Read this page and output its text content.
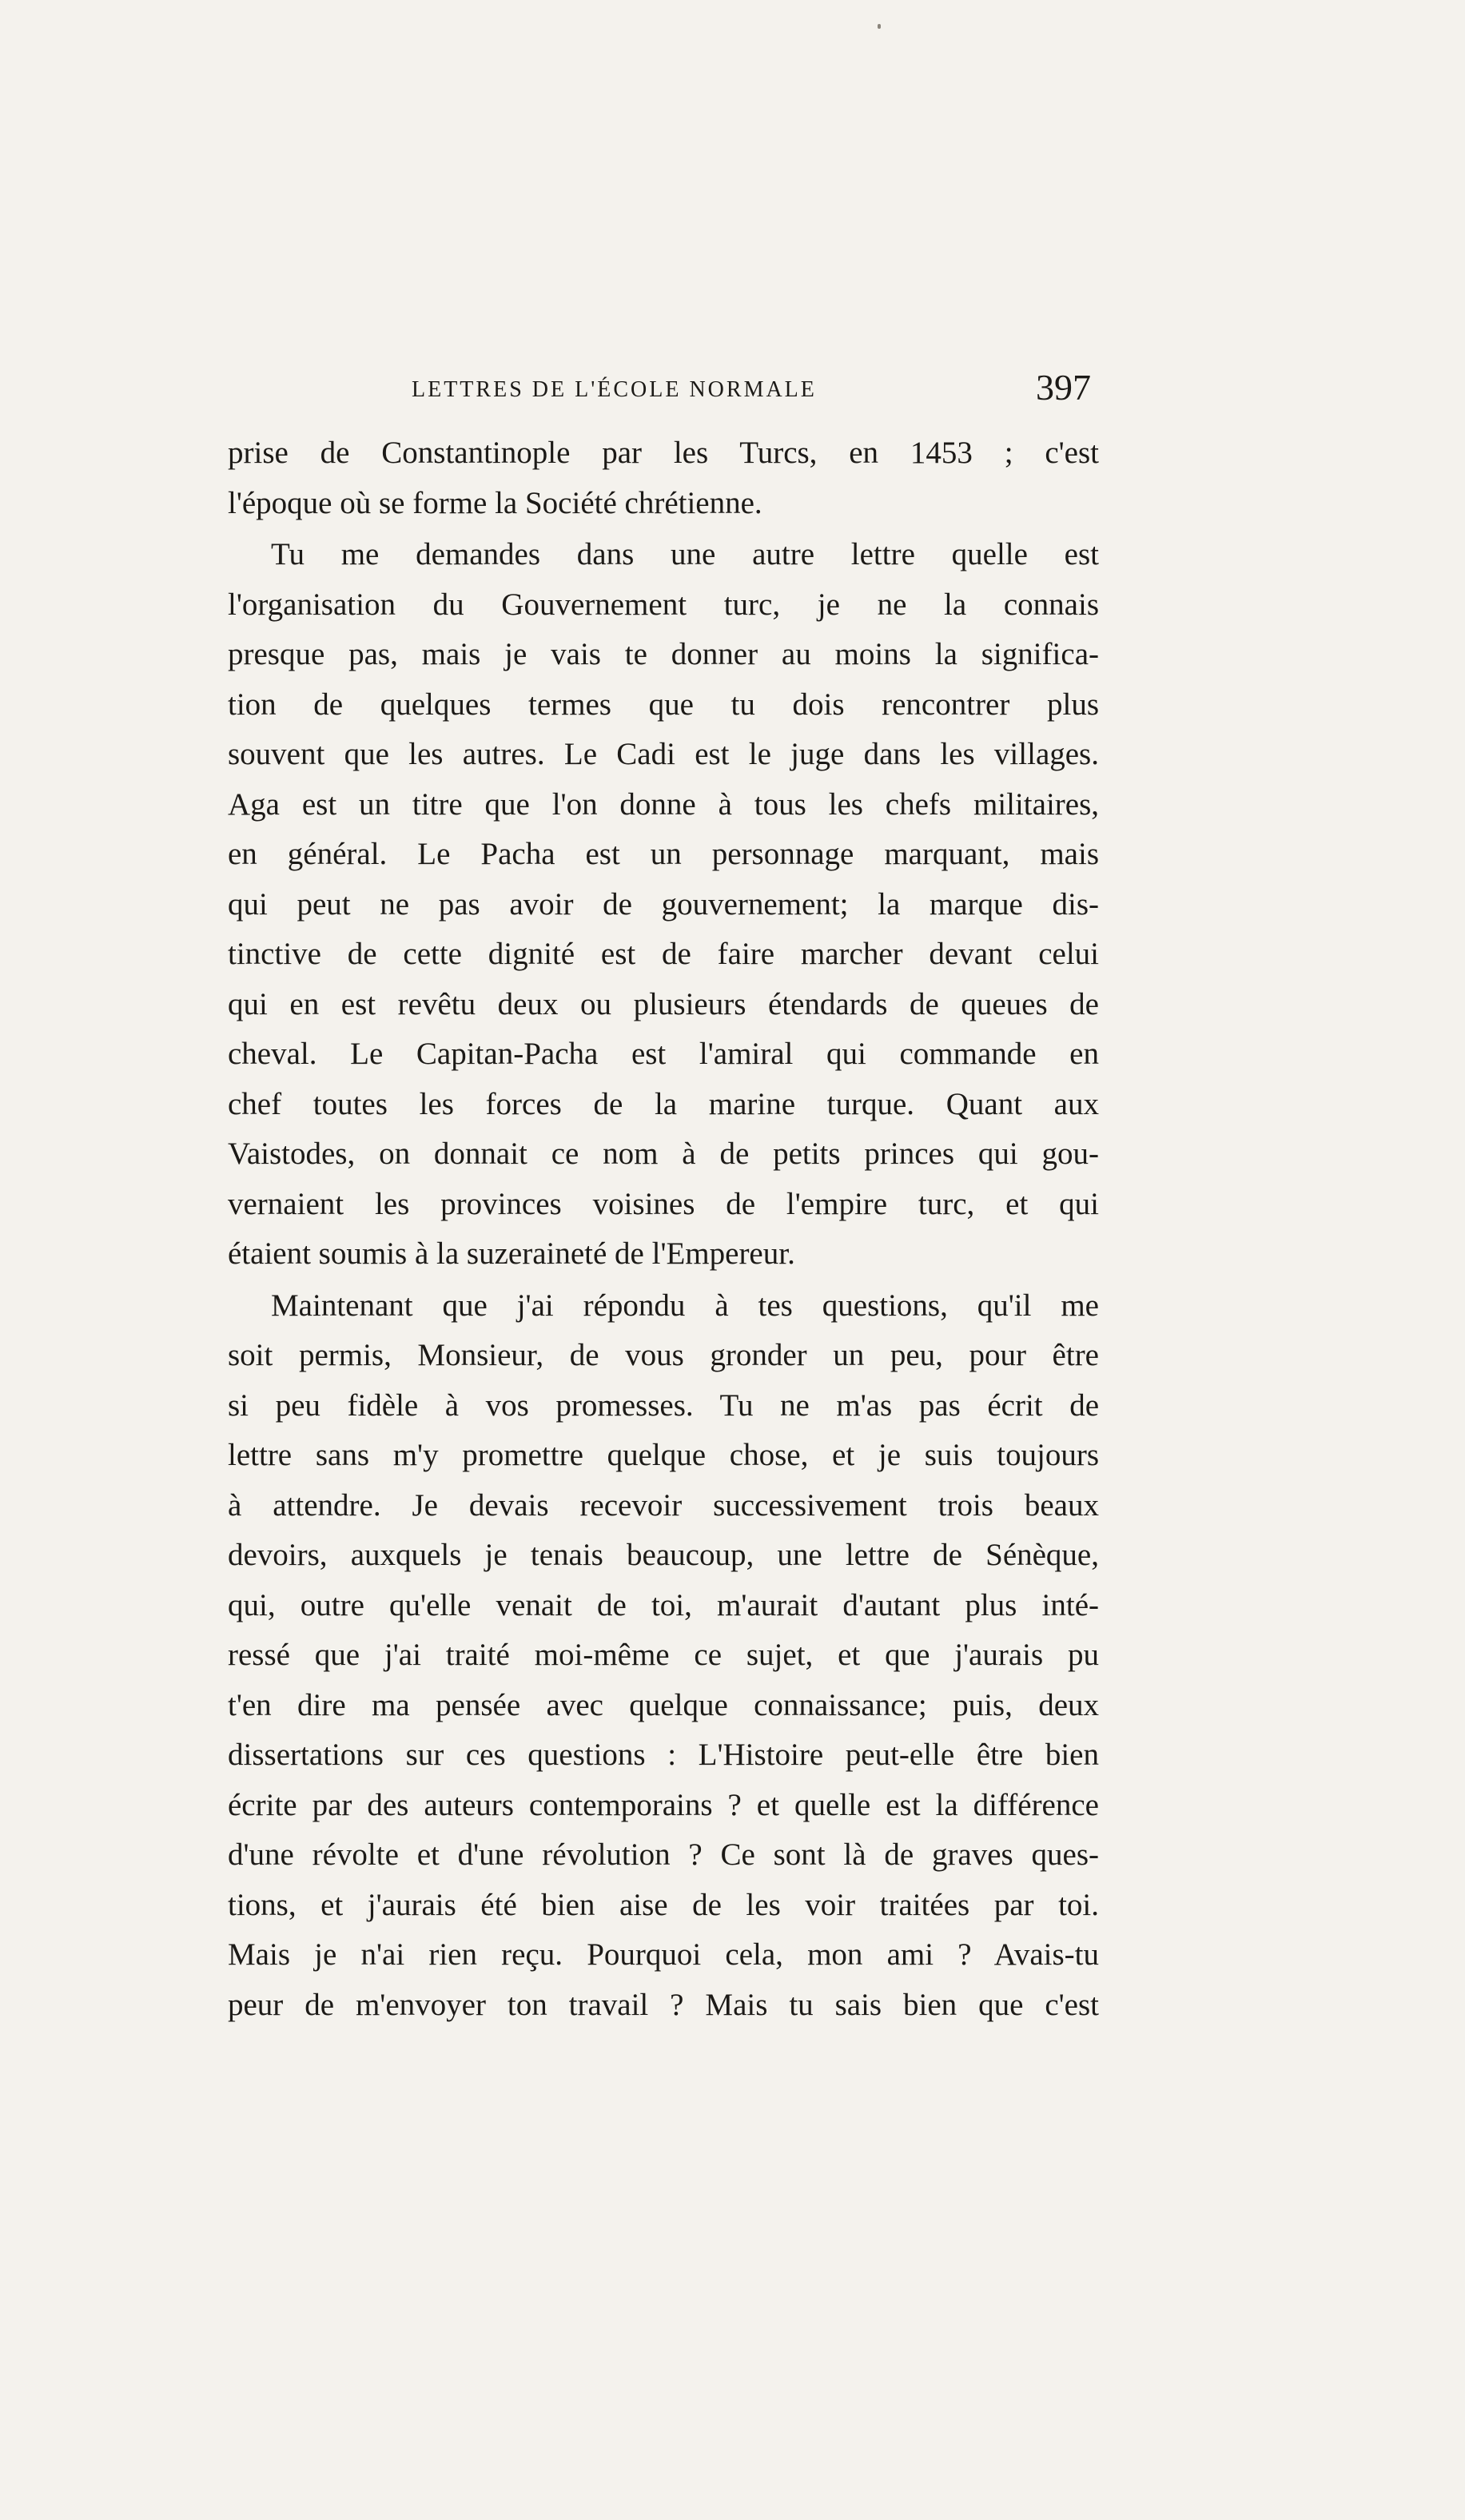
LETTRES DE L'ÉCOLE NORMALE	397
prise de Constantinople par les Turcs, en 1453 ; c'est
l'époque où se forme la Société chrétienne.
Tu me demandes dans une autre lettre quelle est
l'organisation du Gouvernement turc, je ne la connais
presque pas, mais je vais te donner au moins la significa-
tion de quelques termes que tu dois rencontrer plus
souvent que les autres. Le Cadi est le juge dans les villages.
Aga est un titre que l'on donne à tous les chefs militaires,
en général. Le Pacha est un personnage marquant, mais
qui peut ne pas avoir de gouvernement; la marque dis-
tinctive de cette dignité est de faire marcher devant celui
qui en est revêtu deux ou plusieurs étendards de queues de
cheval. Le Capitan-Pacha est l'amiral qui commande en
chef toutes les forces de la marine turque. Quant aux
Vaistodes, on donnait ce nom à de petits princes qui gou-
vernaient les provinces voisines de l'empire turc, et qui
étaient soumis à la suzeraineté de l'Empereur.
Maintenant que j'ai répondu à tes questions, qu'il me
soit permis, Monsieur, de vous gronder un peu, pour être
si peu fidèle à vos promesses. Tu ne m'as pas écrit de
lettre sans m'y promettre quelque chose, et je suis toujours
à attendre. Je devais recevoir successivement trois beaux
devoirs, auxquels je tenais beaucoup, une lettre de Sénèque,
qui, outre qu'elle venait de toi, m'aurait d'autant plus inté-
ressé que j'ai traité moi-même ce sujet, et que j'aurais pu
t'en dire ma pensée avec quelque connaissance; puis, deux
dissertations sur ces questions : L'Histoire peut-elle être bien
écrite par des auteurs contemporains ? et quelle est la différence
d'une révolte et d'une révolution ? Ce sont là de graves ques-
tions, et j'aurais été bien aise de les voir traitées par toi.
Mais je n'ai rien reçu. Pourquoi cela, mon ami ? Avais-tu
peur de m'envoyer ton travail ? Mais tu sais bien que c'est
